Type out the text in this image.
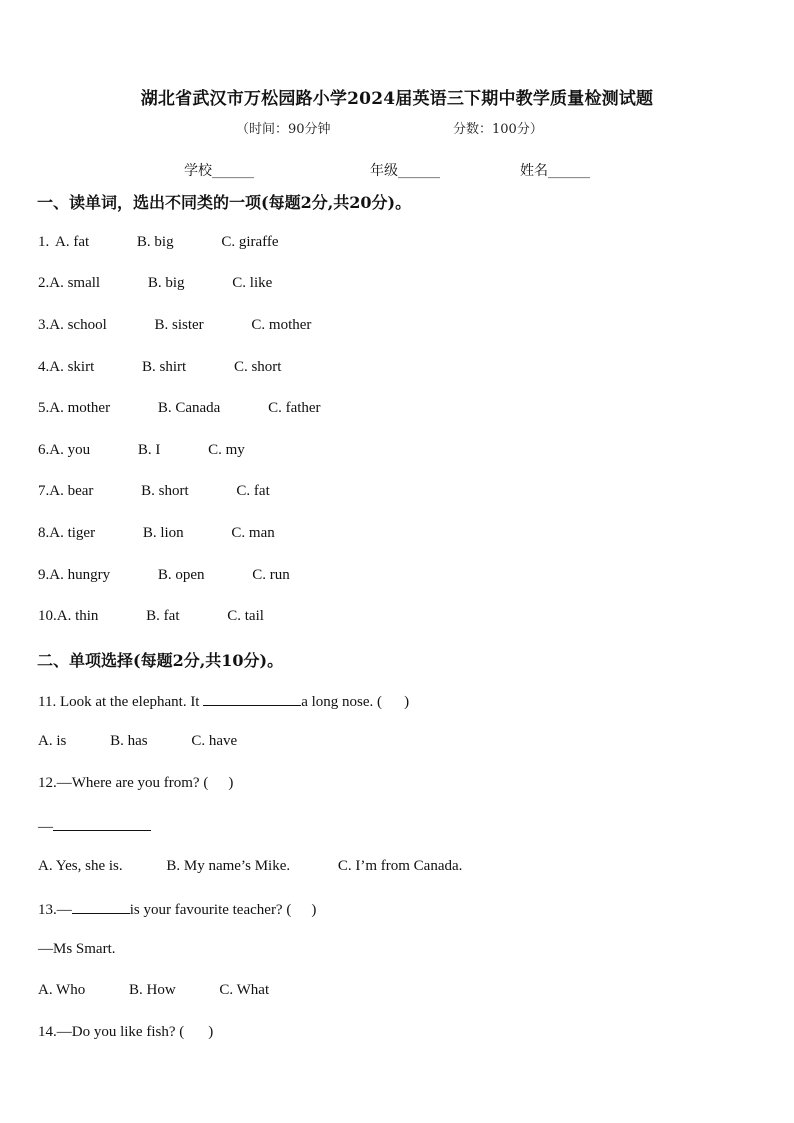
湖北省武汉市万松园路小学2024届英语三下期中教学质量检测试题
（时间：90分钟	分数：100分）
学校______	年级______	姓名______
一、读单词，选出不同类的一项(每题2分,共20分)。
1. A. fat	B. big	C. giraffe
2.A. small	B. big	C. like
3.A. school	B. sister	C. mother
4.A. skirt	B. shirt	C. short
5.A. mother	B. Canada	C. father
6.A. you	B. I	C. my
7.A. bear	B. short	C. fat
8.A. tiger	B. lion	C. man
9.A. hungry	B. open	C. run
10.A. thin	B. fat	C. tail
二、单项选择(每题2分,共10分)。
11. Look at the elephant. It	a long nose. ( )
A. is	B. has	C. have
12.—Where are you from? ( )
—
A. Yes, she is.	B. My name’s Mike.	C. I’m from Canada.
13.—	is your favourite teacher? ( )
—Ms Smart.
A. Who	B. How	C. What
14.—Do you like fish? ( )
